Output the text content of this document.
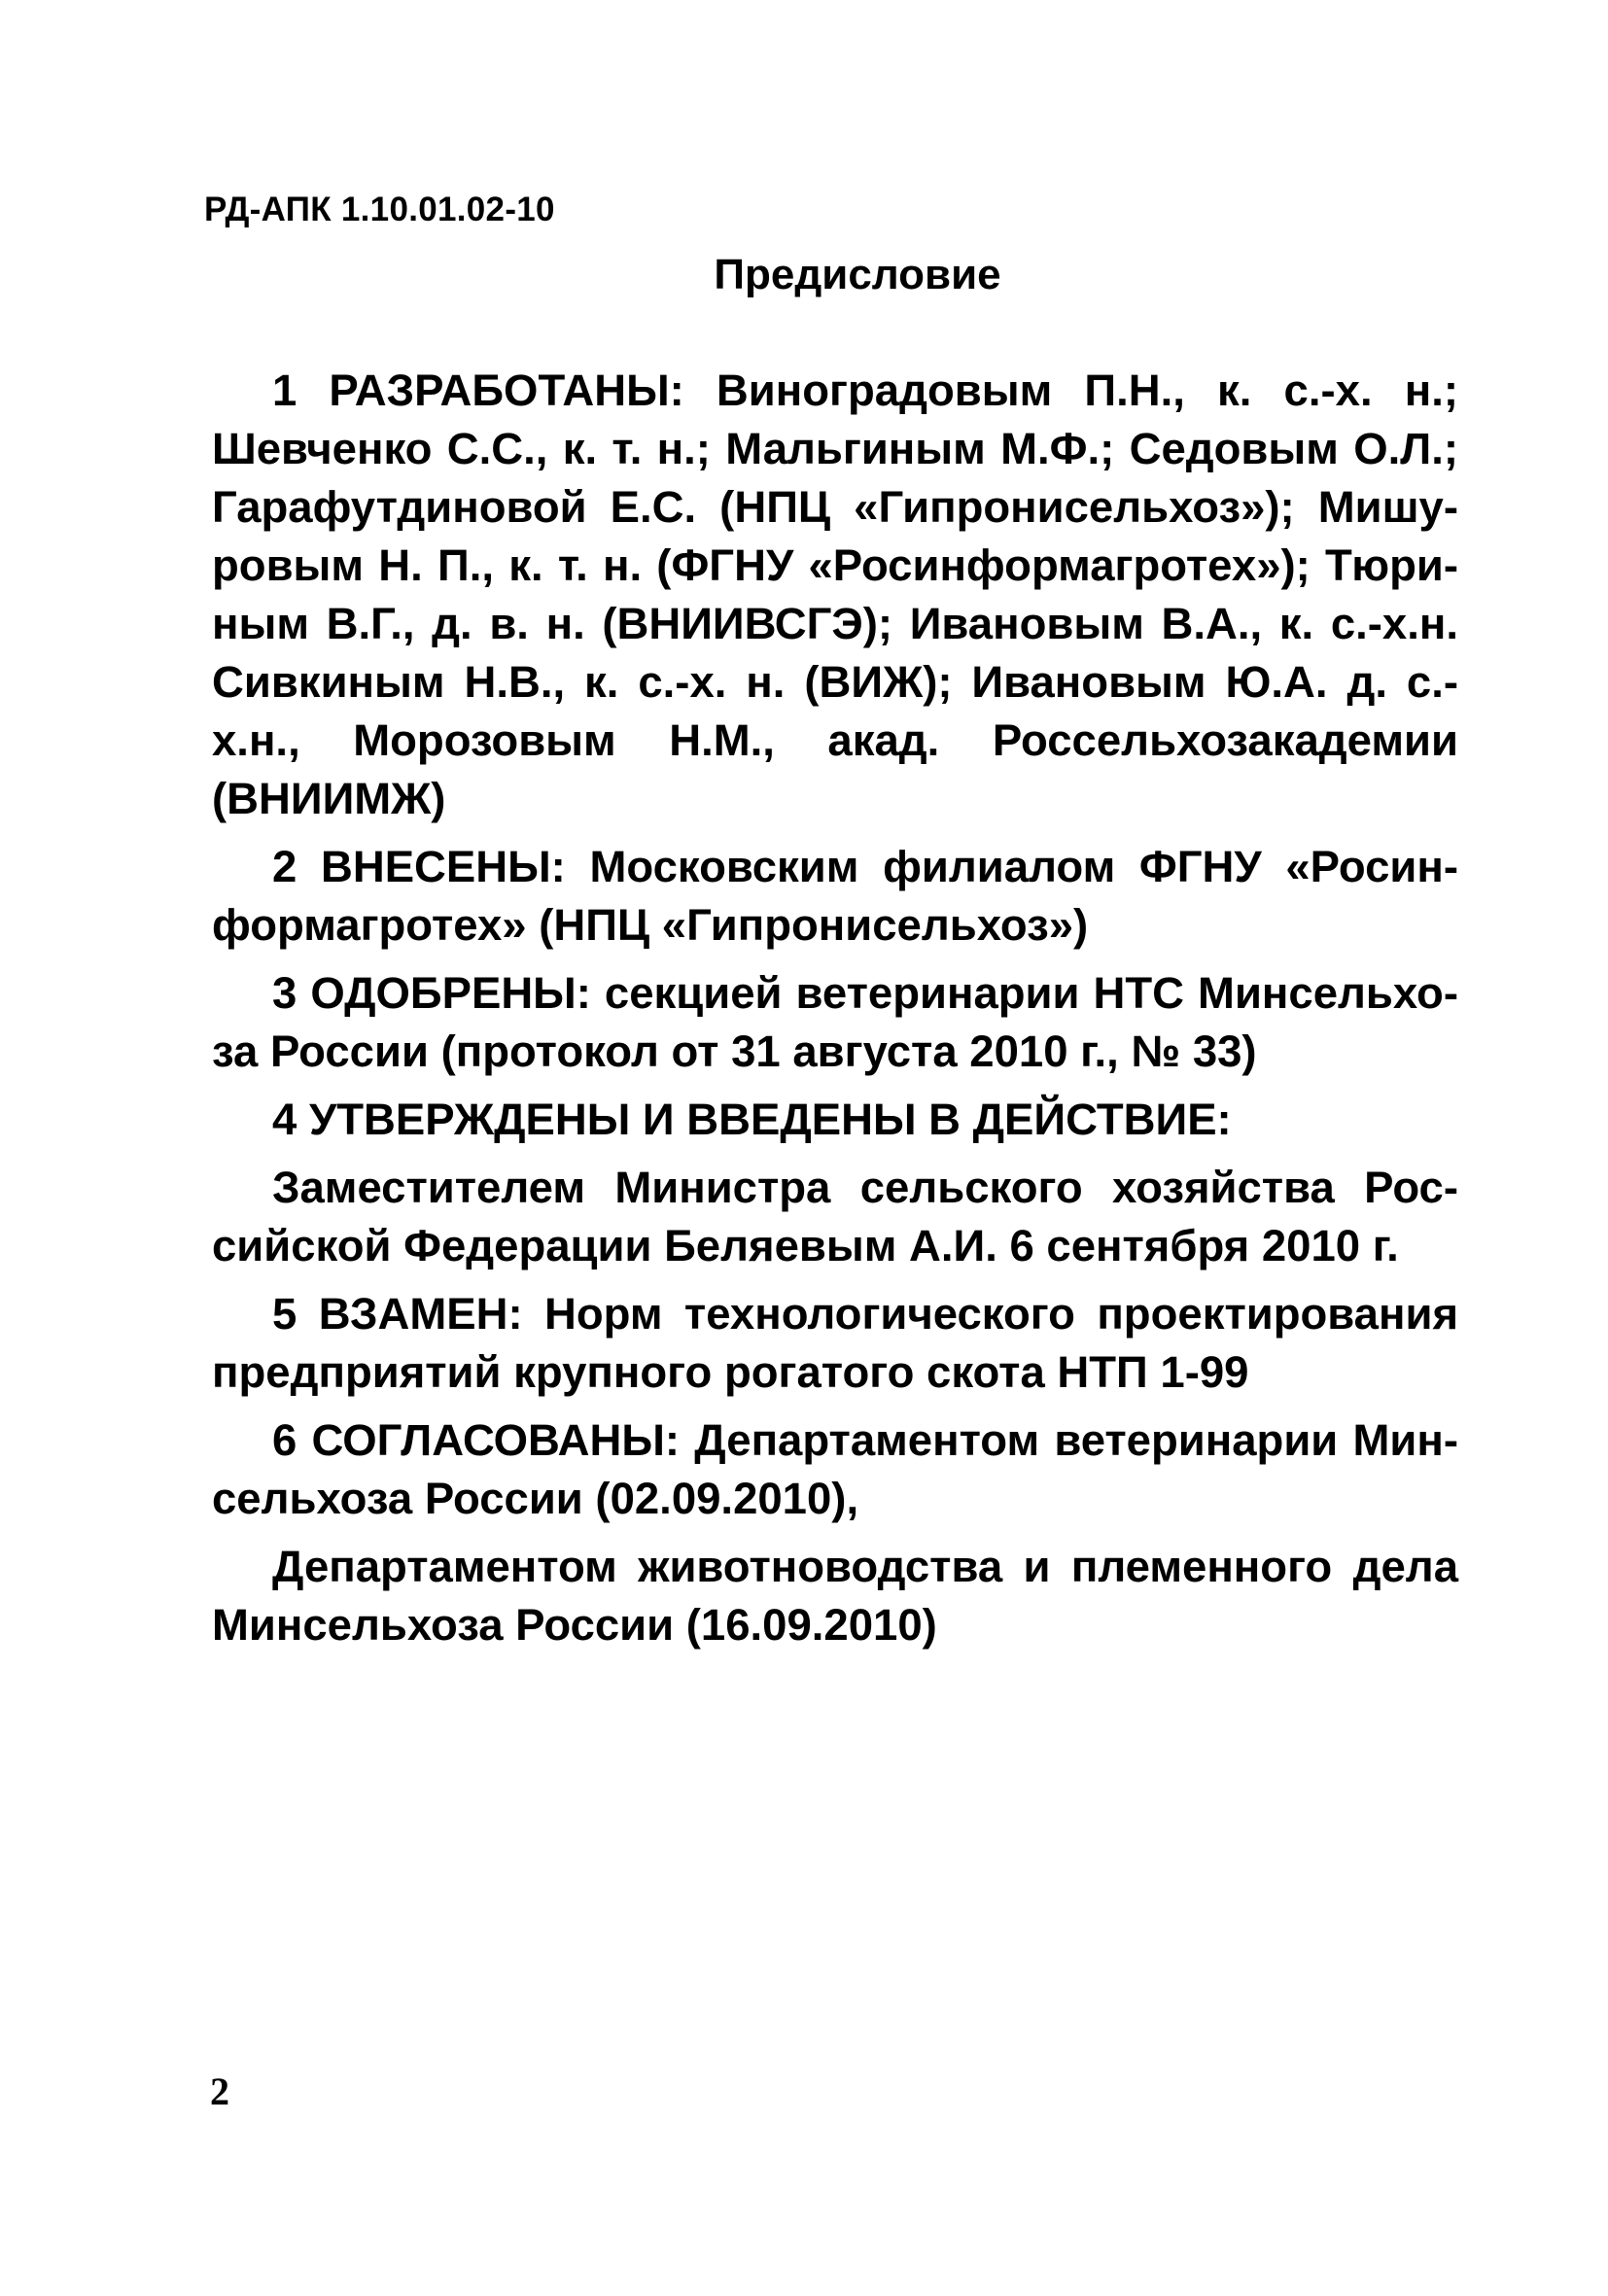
РД-АПК 1.10.01.02-10
Предисловие

1 РАЗРАБОТАНЫ: Виноградовым П.Н., к. с.-х. н.; Шевченко С.С., к. т. н.; Мальгиным М.Ф.; Седовым О.Л.; Гарафутдиновой Е.С. (НПЦ «Гипронисельхоз»); Мишуровым Н. П., к. т. н. (ФГНУ «Росинформагротех»); Тюриным В.Г., д. в. н. (ВНИИВСГЭ); Ивановым В.А., к. с.-х.н. Сивкиным Н.В., к. с.-х. н. (ВИЖ); Ивановым Ю.А. д. с.-х.н., Морозовым Н.М., акад. Россельхозакадемии (ВНИИМЖ)

2 ВНЕСЕНЫ: Московским филиалом ФГНУ «Росинформагротех» (НПЦ «Гипронисельхоз»)

3 ОДОБРЕНЫ: секцией ветеринарии НТС Минсельхоза России (протокол от 31 августа 2010 г., № 33)

4 УТВЕРЖДЕНЫ И ВВЕДЕНЫ В ДЕЙСТВИЕ:

Заместителем Министра сельского хозяйства Российской Федерации Беляевым А.И. 6 сентября 2010 г.

5 ВЗАМЕН: Норм технологического проектирования предприятий крупного рогатого скота НТП 1-99

6 СОГЛАСОВАНЫ: Департаментом ветеринарии Минсельхоза России (02.09.2010),

Департаментом животноводства и племенного дела Минсельхоза России (16.09.2010)

2
